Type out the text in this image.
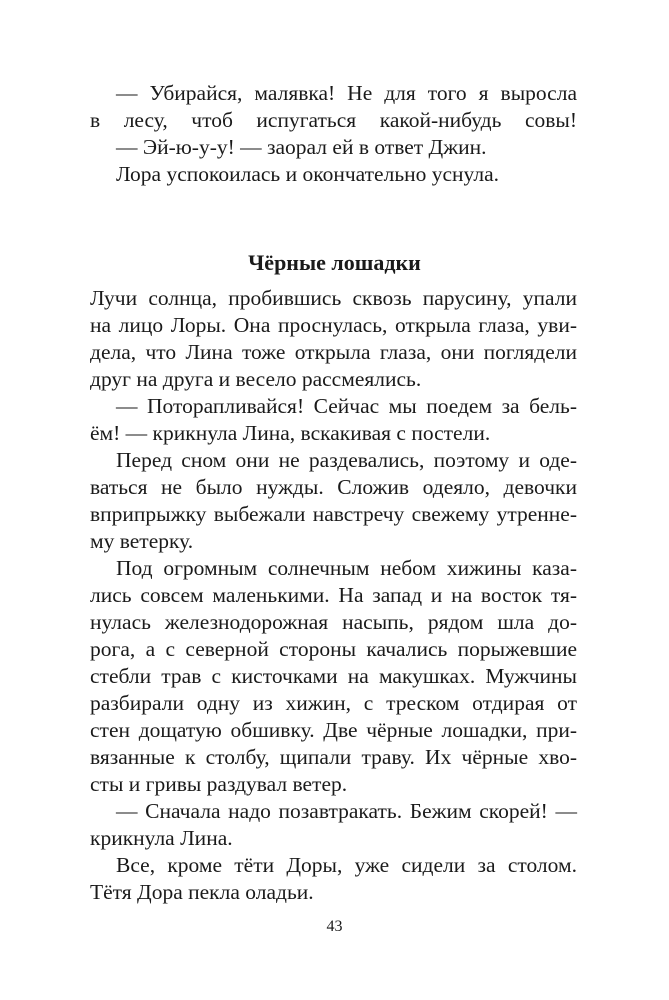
— Убирайся, малявка! Не для того я выросла

в лесу, чтоб испугаться какой-нибудь совы!

— Эй-ю-у-у! — заорал ей в ответ Джин.

Лора успокоилась и окончательно уснула.

Чёрные лошадки

Лучи солнца, пробившись сквозь парусину, упали

на лицо Лоры. Она проснулась, открыла глаза, уви-

дела, что Лина тоже открыла глаза, они поглядели

друг на друга и весело рассмеялись.

— Поторапливайся! Сейчас мы поедем за бель-

ём! — крикнула Лина, вскакивая с постели.

Перед сном они не раздевались, поэтому и оде-

ваться не было нужды. Сложив одеяло, девочки

вприпрыжку выбежали навстречу свежему утренне-

му ветерку.

Под огромным солнечным небом хижины каза-

лись совсем маленькими. На запад и на восток тя-

нулась железнодорожная насыпь, рядом шла до-

рога, а с северной стороны качались порыжевшие

стебли трав с кисточками на макушках. Мужчины

разбирали одну из хижин, с треском отдирая от

стен дощатую обшивку. Две чёрные лошадки, при-

вязанные к столбу, щипали траву. Их чёрные хво-

сты и гривы раздувал ветер.

— Сначала надо позавтракать. Бежим скорей! —

крикнула Лина.

Все, кроме тёти Доры, уже сидели за столом.

Тётя Дора пекла оладьи.

43
